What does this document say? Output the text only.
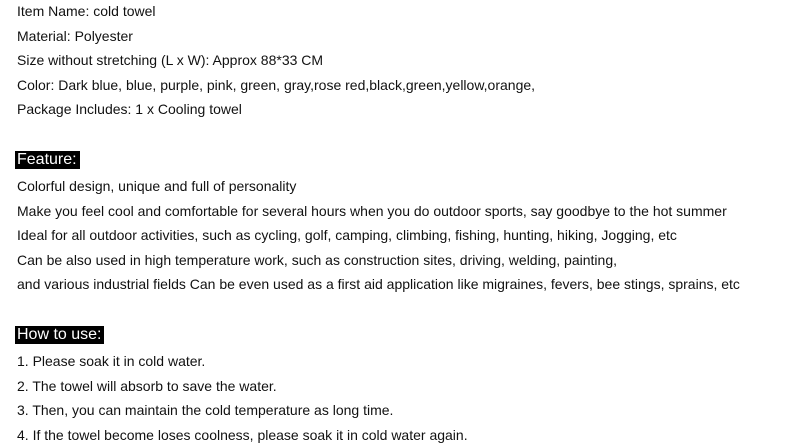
Item Name: cold towel
Material: Polyester
Size without stretching (L x W): Approx 88*33 CM
Color: Dark blue, blue, purple, pink, green, gray,rose red,black,green,yellow,orange,
Package Includes: 1 x Cooling towel
Feature:
Colorful design, unique and full of personality
Make you feel cool and comfortable for several hours when you do outdoor sports, say goodbye to the hot summer
Ideal for all outdoor activities, such as cycling, golf, camping, climbing, fishing, hunting, hiking, Jogging, etc
Can be also used in high temperature work, such as construction sites, driving, welding, painting,
and various industrial fields Can be even used as a first aid application like migraines, fevers, bee stings, sprains, etc
How to use:
1. Please soak it in cold water.
2. The towel will absorb to save the water.
3. Then, you can maintain the cold temperature as long time.
4. If the towel become loses coolness, please soak it in cold water again.
